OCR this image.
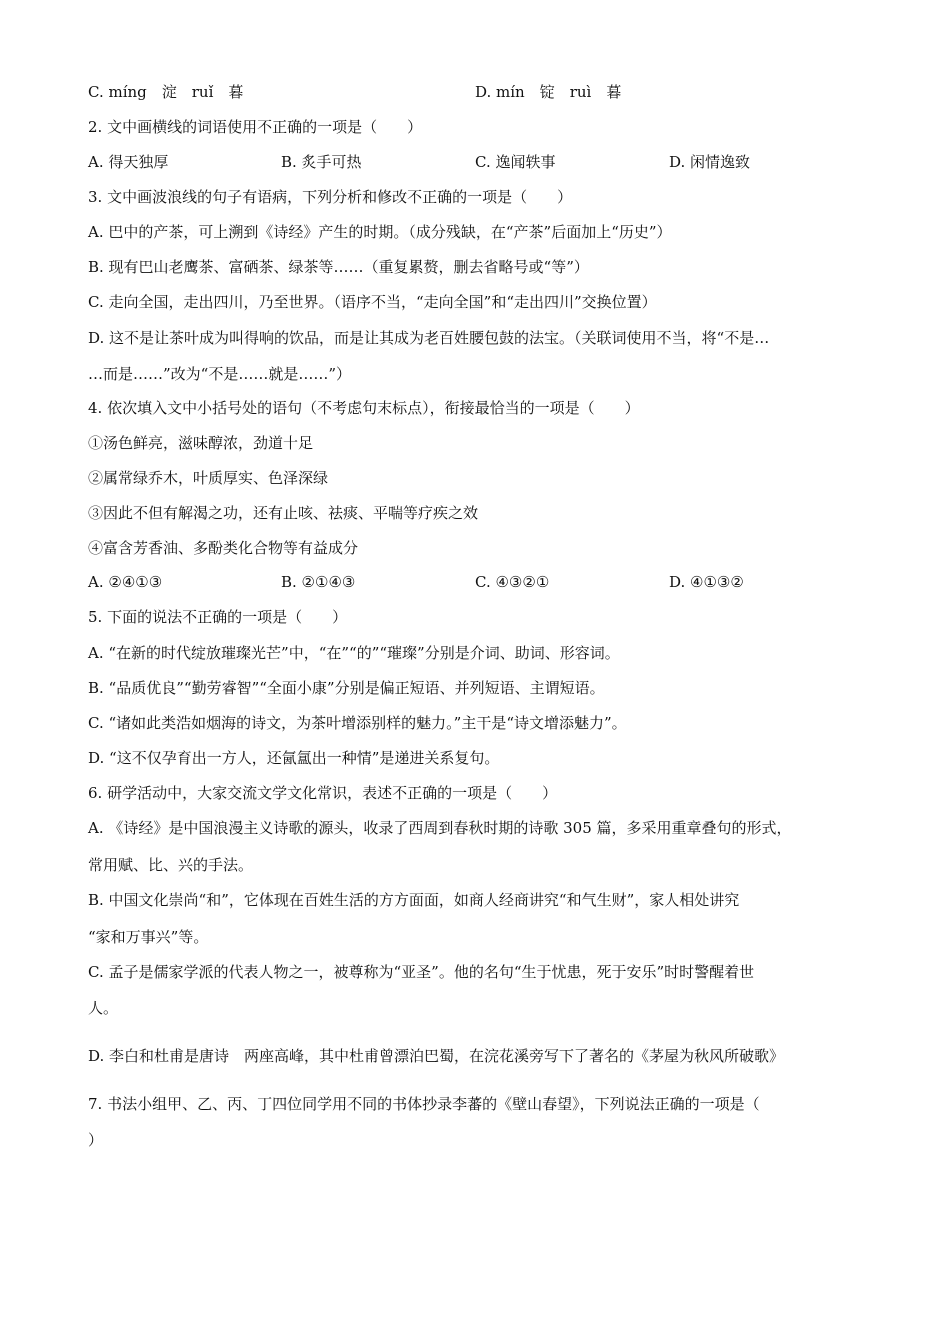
C. míng　淀　ruǐ　暮	D. mín　锭　ruì　暮
2. 文中画横线的词语使用不正确的一项是（　　）
A. 得天独厚	B. 炙手可热	C. 逸闻轶事	D. 闲情逸致
3. 文中画波浪线的句子有语病，下列分析和修改不正确的一项是（　　）
A. 巴中的产茶，可上溯到《诗经》产生的时期。（成分残缺，在“产茶”后面加上“历史”）
B. 现有巴山老鹰茶、富硒茶、绿茶等……（重复累赘，删去省略号或“等”）
C. 走向全国，走出四川，乃至世界。（语序不当，“走向全国”和“走出四川”交换位置）
D. 这不是让茶叶成为叫得响的饮品，而是让其成为老百姓腰包鼓的法宝。（关联词使用不当，将“不是…
…而是……”改为“不是……就是……”）
4. 依次填入文中小括号处的语句（不考虑句末标点），衔接最恰当的一项是（　　）
①汤色鲜亮，滋味醇浓，劲道十足
②属常绿乔木，叶质厚实、色泽深绿
③因此不但有解渴之功，还有止咳、祛痰、平喘等疗疾之效
④富含芳香油、多酚类化合物等有益成分
A. ②④①③	B. ②①④③	C. ④③②①	D. ④①③②
5. 下面的说法不正确的一项是（　　）
A. “在新的时代绽放璀璨光芒”中，“在”“的”“璀璨”分别是介词、助词、形容词。
B. “品质优良”“勤劳睿智”“全面小康”分别是偏正短语、并列短语、主谓短语。
C. “诸如此类浩如烟海的诗文，为茶叶增添别样的魅力。”主干是“诗文增添魅力”。
D. “这不仅孕育出一方人，还氤氲出一种情”是递进关系复句。
6. 研学活动中，大家交流文学文化常识，表述不正确的一项是（　　）
A. 《诗经》是中国浪漫主义诗歌的源头，收录了西周到春秋时期的诗歌 305 篇，多采用重章叠句的形式，
常用赋、比、兴的手法。
B. 中国文化崇尚“和”，它体现在百姓生活的方方面面，如商人经商讲究“和气生财”，家人相处讲究
“家和万事兴”等。
C. 孟子是儒家学派的代表人物之一，被尊称为“亚圣”。他的名句“生于忧患，死于安乐”时时警醒着世
人。
D. 李白和杜甫是唐诗　两座高峰，其中杜甫曾漂泊巴蜀，在浣花溪旁写下了著名的《茅屋为秋风所破歌》
7. 书法小组甲、乙、丙、丁四位同学用不同的书体抄录李蕃的《壁山春望》，下列说法正确的一项是（
）
